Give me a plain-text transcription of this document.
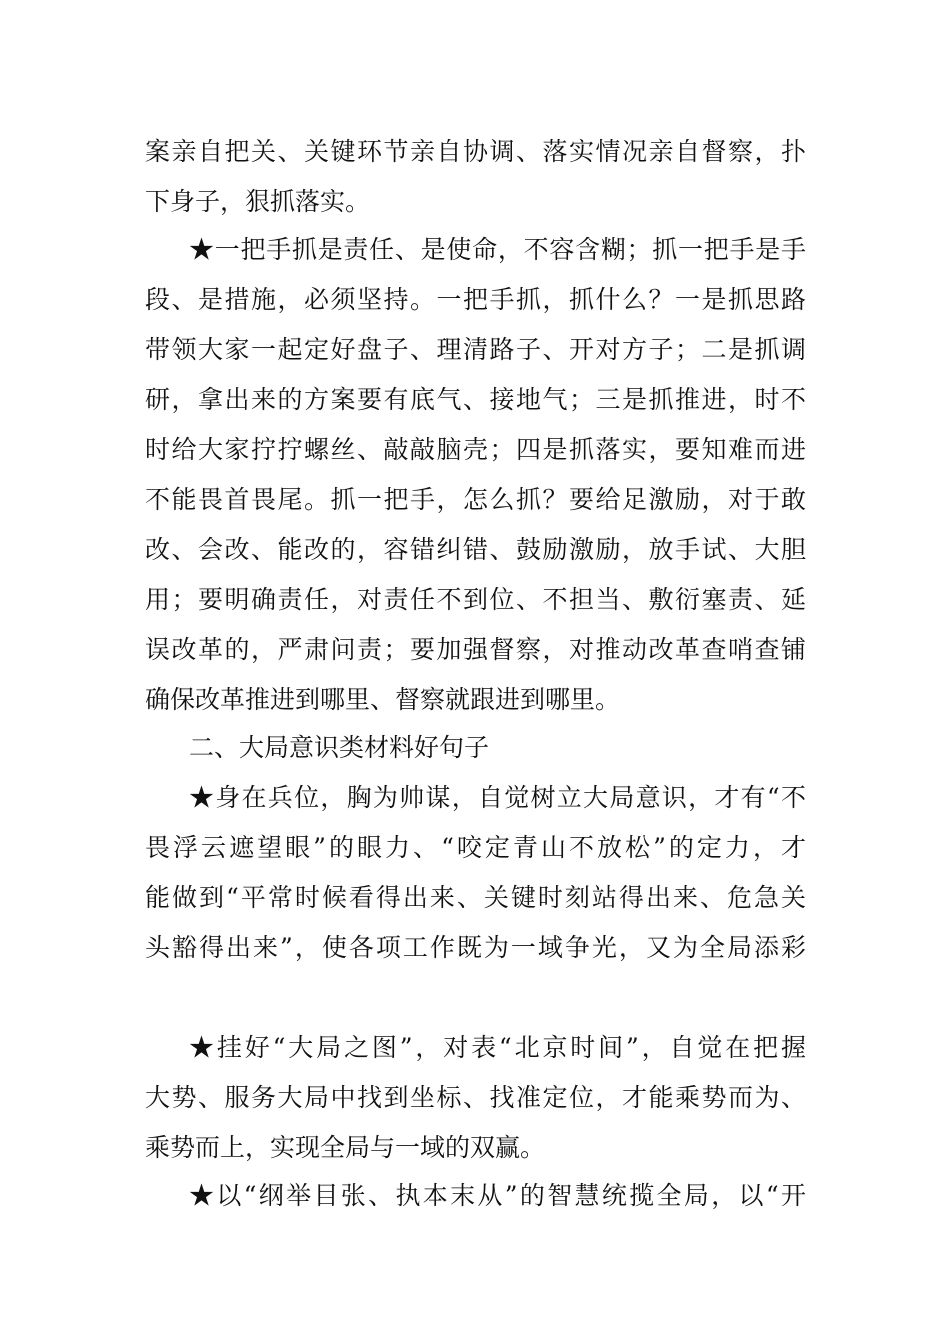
案亲自把关、关键环节亲自协调、落实情况亲自督察，扑
下身子，狠抓落实。
★一把手抓是责任、是使命，不容含糊；抓一把手是手
段、是措施，必须坚持。一把手抓，抓什么？一是抓思路
带领大家一起定好盘子、理清路子、开对方子；二是抓调
研，拿出来的方案要有底气、接地气；三是抓推进，时不
时给大家拧拧螺丝、敲敲脑壳；四是抓落实，要知难而进
不能畏首畏尾。抓一把手，怎么抓？要给足激励，对于敢
改、会改、能改的，容错纠错、鼓励激励，放手试、大胆
用；要明确责任，对责任不到位、不担当、敷衍塞责、延
误改革的，严肃问责；要加强督察，对推动改革查哨查铺
确保改革推进到哪里、督察就跟进到哪里。
二、大局意识类材料好句子
★身在兵位，胸为帅谋，自觉树立大局意识，才有“不
畏浮云遮望眼”的眼力、“咬定青山不放松”的定力，才
能做到“平常时候看得出来、关键时刻站得出来、危急关
头豁得出来”，使各项工作既为一域争光，又为全局添彩
★挂好“大局之图”，对表“北京时间”，自觉在把握
大势、服务大局中找到坐标、找准定位，才能乘势而为、
乘势而上，实现全局与一域的双赢。
★以“纲举目张、执本末从”的智慧统揽全局，以“开
